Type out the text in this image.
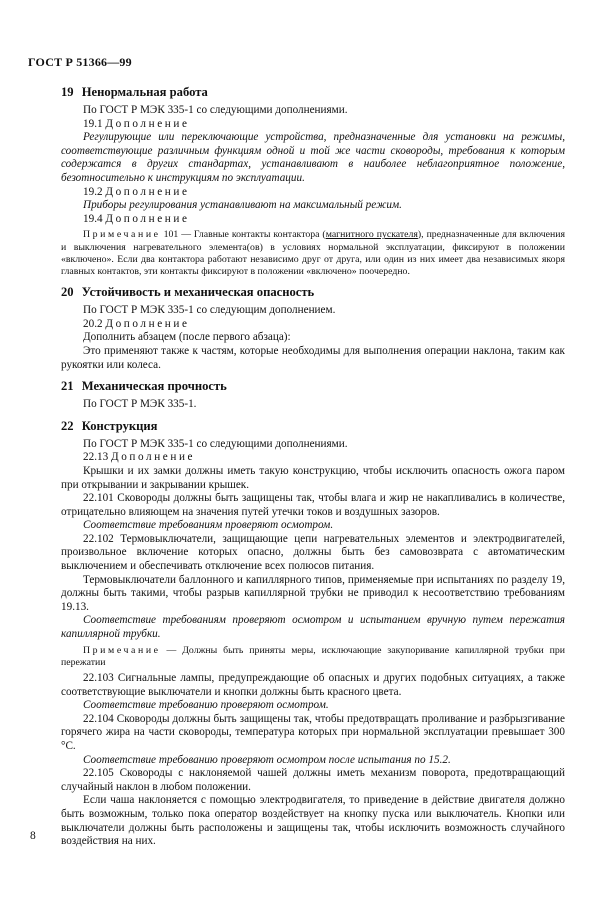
ГОСТ Р 51366—99
19 Ненормальная работа

По ГОСТ Р МЭК 335-1 со следующими дополнениями.

19.1 Дополнение

Регулирующие или переключающие устройства, предназначенные для установки на режимы, соответствующие различным функциям одной и той же части сковороды, требования к которым содержатся в других стандартах, устанавливают в наиболее неблагоприятное положение, безотносительно к инструкциям по эксплуатации.

19.2 Дополнение

Приборы регулирования устанавливают на максимальный режим.

19.4 Дополнение

Примечание 101 — Главные контакты контактора (магнитного пускателя), предназначенные для включения и выключения нагревательного элемента(ов) в условиях нормальной эксплуатации, фиксируют в положении «включено». Если два контактора работают независимо друг от друга, или один из них имеет два независимых якоря главных контактов, эти контакты фиксируют в положении «включено» поочередно.

20 Устойчивость и механическая опасность

По ГОСТ Р МЭК 335-1 со следующим дополнением.

20.2 Дополнение

Дополнить абзацем (после первого абзаца):

Это применяют также к частям, которые необходимы для выполнения операции наклона, таким как рукоятки или колеса.

21 Механическая прочность

По ГОСТ Р МЭК 335-1.

22 Конструкция

По ГОСТ Р МЭК 335-1 со следующими дополнениями.

22.13 Дополнение

Крышки и их замки должны иметь такую конструкцию, чтобы исключить опасность ожога паром при открывании и закрывании крышек.

22.101 Сковороды должны быть защищены так, чтобы влага и жир не накапливались в количестве, отрицательно влияющем на значения путей утечки токов и воздушных зазоров.

Соответствие требованиям проверяют осмотром.

22.102 Термовыключатели, защищающие цепи нагревательных элементов и электродвигателей, произвольное включение которых опасно, должны быть без самовозврата с автоматическим выключением и обеспечивать отключение всех полюсов питания.

Термовыключатели баллонного и капиллярного типов, применяемые при испытаниях по разделу 19, должны быть такими, чтобы разрыв капиллярной трубки не приводил к несоответствию требованиям 19.13.

Соответствие требованиям проверяют осмотром и испытанием вручную путем пережатия капиллярной трубки.

Примечание — Должны быть приняты меры, исключающие закупоривание капиллярной трубки при пережатии

22.103 Сигнальные лампы, предупреждающие об опасных и других подобных ситуациях, а также соответствующие выключатели и кнопки должны быть красного цвета.

Соответствие требованию проверяют осмотром.

22.104 Сковороды должны быть защищены так, чтобы предотвращать проливание и разбрызгивание горячего жира на части сковороды, температура которых при нормальной эксплуатации превышает 300 °С.

Соответствие требованию проверяют осмотром после испытания по 15.2.

22.105 Сковороды с наклоняемой чашей должны иметь механизм поворота, предотвращающий случайный наклон в любом положении.

Если чаша наклоняется с помощью электродвигателя, то приведение в действие двигателя должно быть возможным, только пока оператор воздействует на кнопку пуска или выключатель. Кнопки или выключатели должны быть расположены и защищены так, чтобы исключить возможность случайного воздействия на них.

8
